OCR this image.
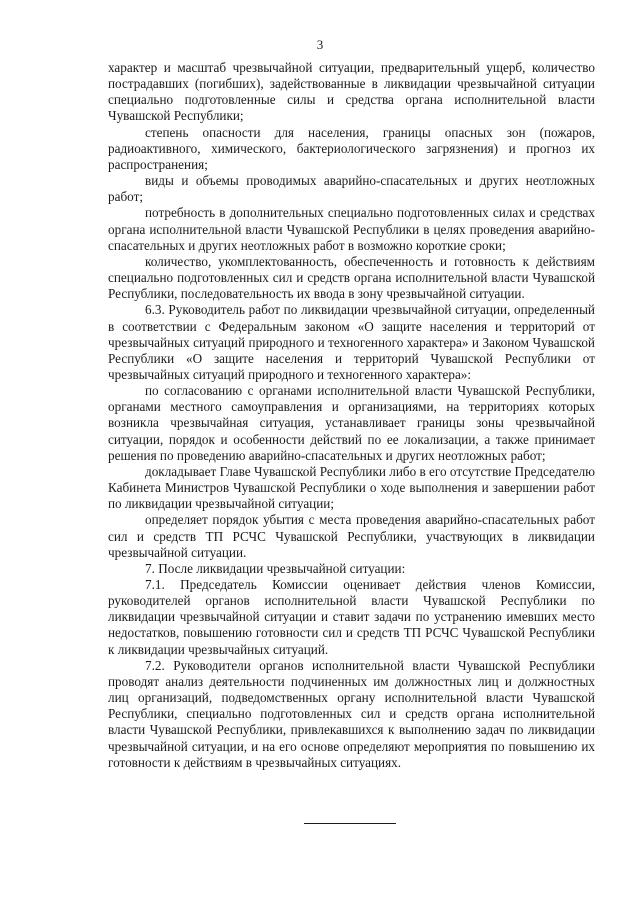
3

характер и масштаб чрезвычайной ситуации, предварительный ущерб, количество пострадавших (погибших), задействованные в ликвидации чрезвычайной ситуации специально подготовленные силы и средства органа исполнительной власти Чувашской Республики;

степень опасности для населения, границы опасных зон (пожаров, радиоактивного, химического, бактериологического загрязнения) и прогноз их распространения;

виды и объемы проводимых аварийно-спасательных и других неотложных работ;

потребность в дополнительных специально подготовленных силах и средствах органа исполнительной власти Чувашской Республики в целях проведения аварийно-спасательных и других неотложных работ в возможно короткие сроки;

количество, укомплектованность, обеспеченность и готовность к действиям специально подготовленных сил и средств органа исполнительной власти Чувашской Республики, последовательность их ввода в зону чрезвычайной ситуации.

6.3. Руководитель работ по ликвидации чрезвычайной ситуации, определенный в соответствии с Федеральным законом «О защите населения и территорий от чрезвычайных ситуаций природного и техногенного характера» и Законом Чувашской Республики «О защите населения и территорий Чувашской Республики от чрезвычайных ситуаций природного и техногенного характера»:

по согласованию с органами исполнительной власти Чувашской Республики, органами местного самоуправления и организациями, на территориях которых возникла чрезвычайная ситуация, устанавливает границы зоны чрезвычайной ситуации, порядок и особенности действий по ее локализации, а также принимает решения по проведению аварийно-спасательных и других неотложных работ;

докладывает Главе Чувашской Республики либо в его отсутствие Председателю Кабинета Министров Чувашской Республики о ходе выполнения и завершении работ по ликвидации чрезвычайной ситуации;

определяет порядок убытия с места проведения аварийно-спасательных работ сил и средств ТП РСЧС Чувашской Республики, участвующих в ликвидации чрезвычайной ситуации.

7. После ликвидации чрезвычайной ситуации:

7.1. Председатель Комиссии оценивает действия членов Комиссии, руководителей органов исполнительной власти Чувашской Республики по ликвидации чрезвычайной ситуации и ставит задачи по устранению имевших место недостатков, повышению готовности сил и средств ТП РСЧС Чувашской Республики к ликвидации чрезвычайных ситуаций.

7.2. Руководители органов исполнительной власти Чувашской Республики проводят анализ деятельности подчиненных им должностных лиц и должностных лиц организаций, подведомственных органу исполнительной власти Чувашской Республики, специально подготовленных сил и средств органа исполнительной власти Чувашской Республики, привлекавшихся к выполнению задач по ликвидации чрезвычайной ситуации, и на его основе определяют мероприятия по повышению их готовности к действиям в чрезвычайных ситуациях.
